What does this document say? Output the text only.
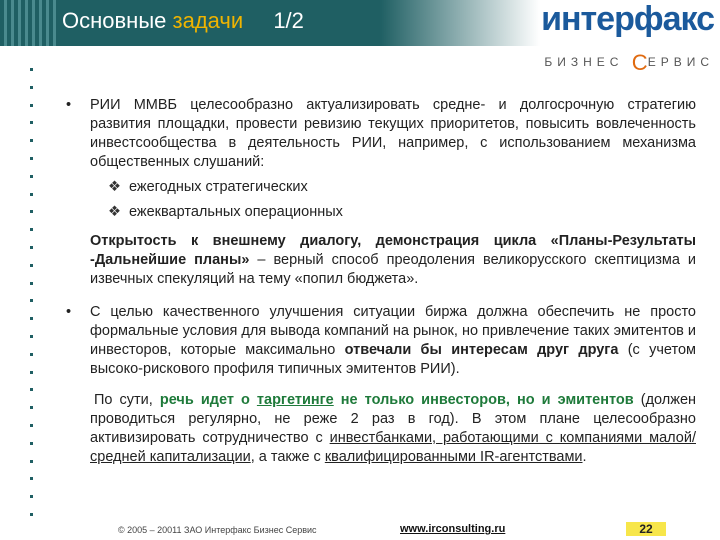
Основные задачи 1/2	интерфакс
БИЗНЕС СЕРВИС
• РИИ ММВБ целесообразно актуализировать средне- и долгосрочную стратегию развития площадки, провести ревизию текущих приоритетов, повысить вовлеченность инвестсообщества в деятельность РИИ, например, с использованием механизма общественных слушаний:
❖ ежегодных стратегических
❖ ежеквартальных операционных
Открытость к внешнему диалогу, демонстрация цикла «Планы-Результаты -Дальнейшие планы» – верный способ преодоления великорусского скептицизма и извечных спекуляций на тему «попил бюджета».
• С целью качественного улучшения ситуации биржа должна обеспечить не просто формальные условия для вывода компаний на рынок, но привлечение таких эмитентов и инвесторов, которые максимально отвечали бы интересам друг друга (с учетом высоко-рискового профиля типичных эмитентов РИИ).
По сути, речь идет о таргетинге не только инвесторов, но и эмитентов (должен проводиться регулярно, не реже 2 раз в год). В этом плане целесообразно активизировать сотрудничество с инвестбанками, работающими с компаниями малой/средней капитализации, а также с квалифицированными IR-агентствами.
© 2005 – 20011 ЗАО Интерфакс Бизнес Сервис	www.irconsulting.ru	22
